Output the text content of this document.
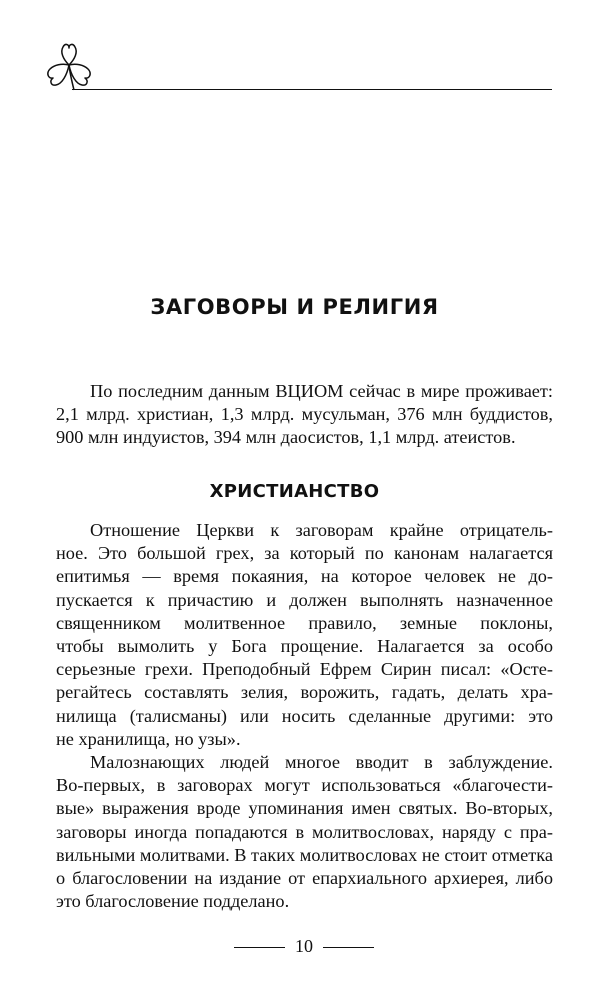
ЗАГОВОРЫ И РЕЛИГИЯ
По последним данным ВЦИОМ сейчас в мире проживает:
2,1 млрд. христиан, 1,3 млрд. мусульман, 376 млн буддистов,
900 млн индуистов, 394 млн даосистов, 1,1 млрд. атеистов.
ХРИСТИАНСТВО
Отношение Церкви к заговорам крайне отрицатель-
ное. Это большой грех, за который по канонам налагается
епитимья — время покаяния, на которое человек не до-
пускается к причастию и должен выполнять назначенное
священником молитвенное правило, земные поклоны,
чтобы вымолить у Бога прощение. Налагается за особо
серьезные грехи. Преподобный Ефрем Сирин писал: «Осте-
регайтесь составлять зелия, ворожить, гадать, делать хра-
нилища (талисманы) или носить сделанные другими: это
не хранилища, но узы».
Малознающих людей многое вводит в заблуждение.
Во-первых, в заговорах могут использоваться «благочести-
вые» выражения вроде упоминания имен святых. Во-вторых,
заговоры иногда попадаются в молитвословах, наряду с пра-
вильными молитвами. В таких молитвословах не стоит отметка
о благословении на издание от епархиального архиерея, либо
это благословение подделано.
10
